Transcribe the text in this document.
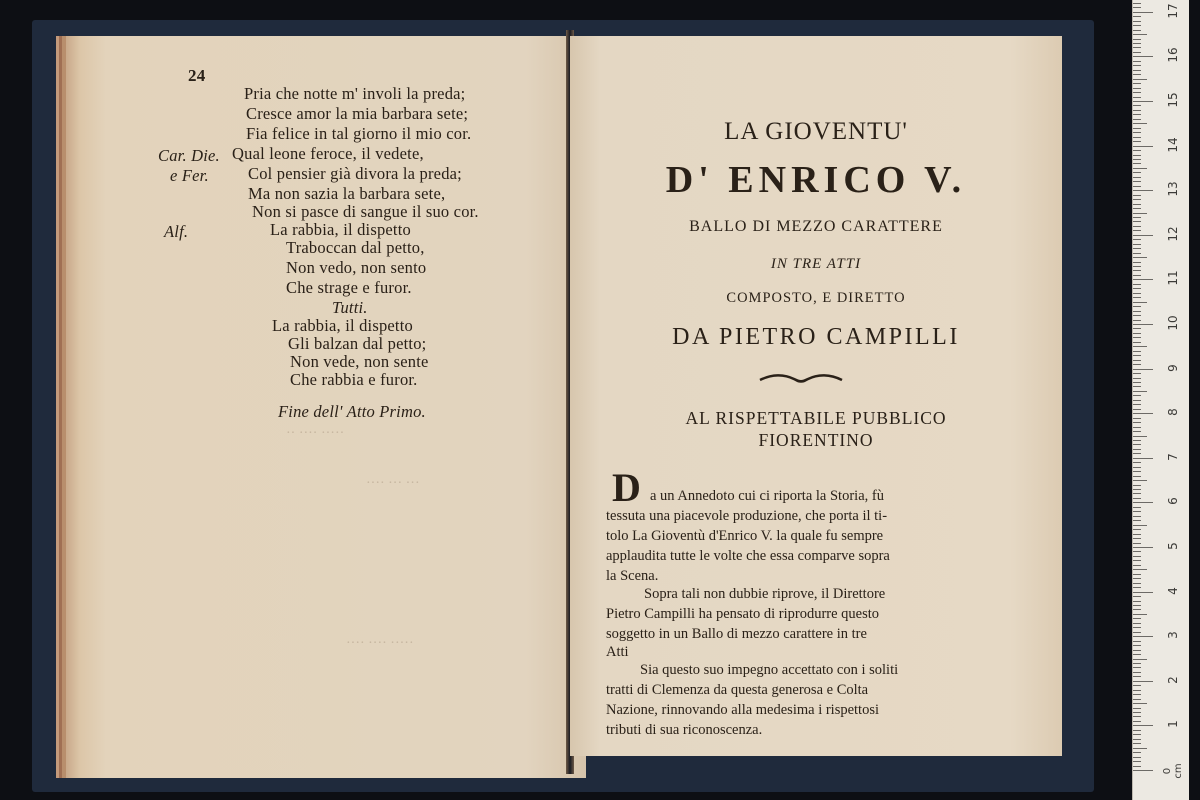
·· ···· ·····
···· ··· ···
···· ···· ·····
24
Pria che notte m' involi la preda;
Cresce amor la mia barbara sete;
Fia felice in tal giorno il mio cor.
Car. Die. Qual leone feroce, il vedete,
e Fer. Col pensier già divora la preda;
Ma non sazia la barbara sete,
Non si pasce di sangue il suo cor.
Alf.	La rabbia, il dispetto
Traboccan dal petto,
Non vedo, non sento
Che strage e furor.
Tutti.
La rabbia, il dispetto
Gli balzan dal petto;
Non vede, non sente
Che rabbia e furor.
Fine dell' Atto Primo.
LA GIOVENTU'
D' ENRICO V.
BALLO DI MEZZO CARATTERE
IN TRE ATTI
COMPOSTO, E DIRETTO
DA PIETRO CAMPILLI
AL RISPETTABILE PUBBLICO
FIORENTINO
D a un Annedoto cui ci riporta la Storia, fù
tessuta una piacevole produzione, che porta il ti-
tolo La Gioventù d'Enrico V. la quale fu sempre
applaudita tutte le volte che essa comparve sopra
la Scena.
Sopra tali non dubbie riprove, il Direttore
Pietro Campilli ha pensato di riprodurre questo
soggetto in un Ballo di mezzo carattere in tre
Atti
Sia questo suo impegno accettato con i soliti
tratti di Clemenza da questa generosa e Colta
Nazione, rinnovando alla medesima i rispettosi
tributi di sua riconoscenza.
0 cm
1
2
3
4
5
6
7
8
9
10
11
12
13
14
15
16
17
